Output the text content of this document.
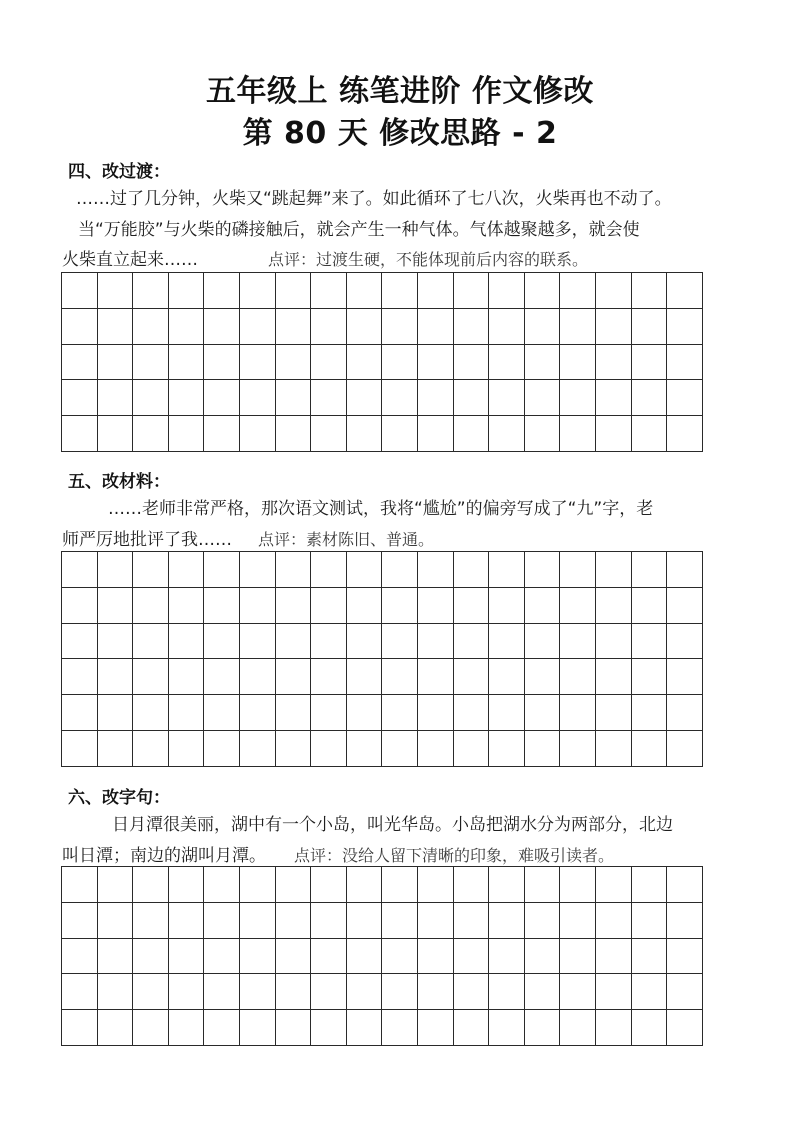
五年级上 练笔进阶 作文修改
第 80 天 修改思路 - 2
四、改过渡：
……过了几分钟，火柴又“跳起舞”来了。如此循环了七八次，火柴再也不动了。
当“万能胶”与火柴的磷接触后，就会产生一种气体。气体越聚越多，就会使
火柴直立起来……	点评：过渡生硬，不能体现前后内容的联系。
五、改材料：
……老师非常严格，那次语文测试，我将“尴尬”的偏旁写成了“九”字，老
师严厉地批评了我…… 点评：素材陈旧、普通。
六、改字句：
日月潭很美丽，湖中有一个小岛，叫光华岛。小岛把湖水分为两部分，北边
叫日潭；南边的湖叫月潭。 点评：没给人留下清晰的印象，难吸引读者。
